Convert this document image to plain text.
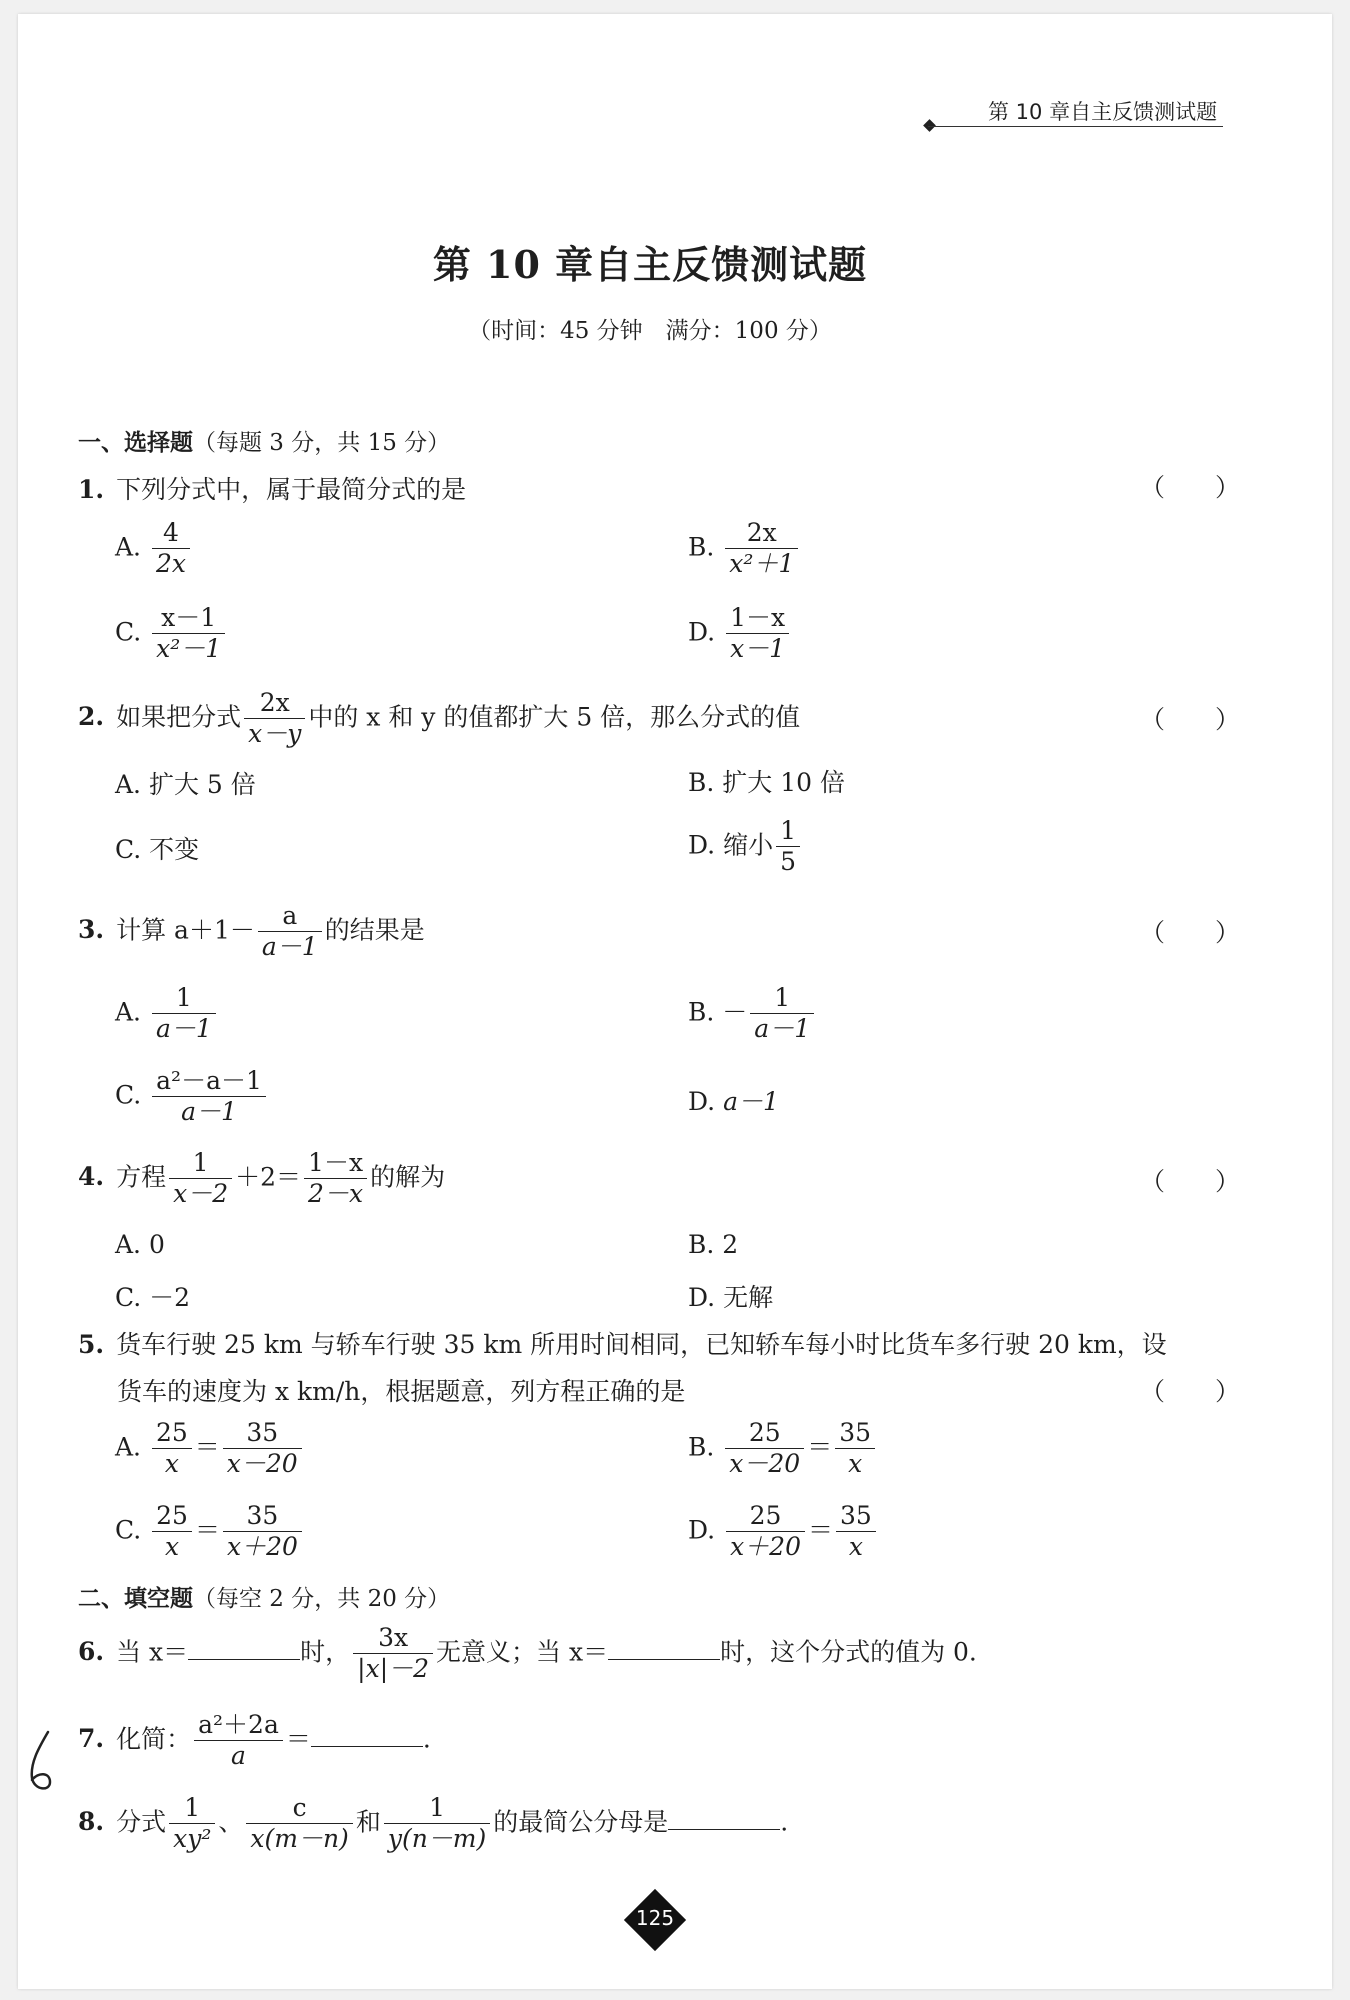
第 10 章自主反馈测试题
第 10 章自主反馈测试题
（时间：45 分钟　满分：100 分）
一、选择题（每题 3 分，共 15 分）
1. 下列分式中，属于最简分式的是	（　　）
A. $\frac{4}{2x}$	B. $\frac{2x}{\text{x²＋1}}$
C. $\frac{x-1}{\text{x²－1}}$	D. $\frac{1-x}{x-1}$
2. 如果把分式 $\frac{2x}{x-y}$ 中的 x 和 y 的值都扩大 5 倍，那么分式的值	（　　）
A. 扩大 5 倍	B. 扩大 10 倍
C. 不变	D. 缩小 $\frac{1}{5}$
3. 计算 $a+1- \frac{a}{a-1}$ 的结果是	（　　）
A. $\frac{1}{a-1}$	B. － $\frac{1}{a-1}$
C. $\frac{\text{a²－a－1}}{a-1}$	D. a－1
4. 方程 $\frac{1}{x-2} +2= \frac{1-x}{2-x}$ 的解为	（　　）
A. 0	B. 2
C. －2	D. 无解
5. 货车行驶 25 km 与轿车行驶 35 km 所用时间相同，已知轿车每小时比货车多行驶 20 km，设
货车的速度为 x km/h，根据题意，列方程正确的是	（　　）
A. $\frac{25}{x} = \frac{35}{x-20}$	B. $\frac{25}{x-20} = \frac{35}{x}$
C. $\frac{25}{x} = \frac{35}{x+20}$	D. $\frac{25}{x+20} = \frac{35}{x}$
二、填空题（每空 2 分，共 20 分）
6. 当 x＝	时， $\frac{3x}{|x|-2}$ 无意义；当 x＝	时，这个分式的值为 0.
7. 化简： $\frac{\text{a²＋2a}}{a}$ ＝	.
8. 分式 $\frac{1}{\text{xy²}}$ 、 $\frac{c}{x(m-n)}$ 和 $\frac{1}{y(n-m)}$ 的最简公分母是	.
125
